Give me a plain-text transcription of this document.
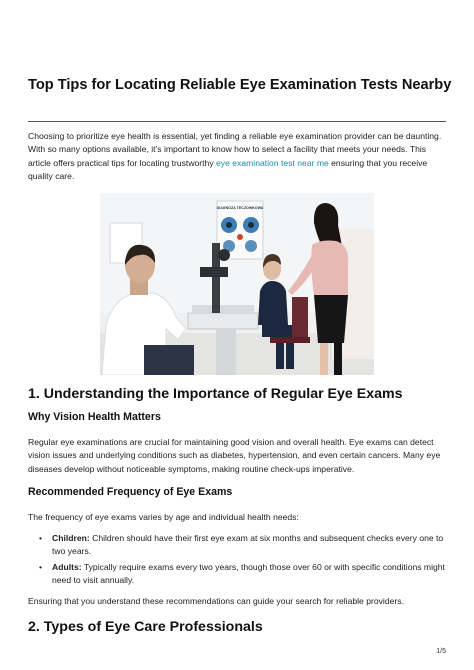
Top Tips for Locating Reliable Eye Examination Tests Nearby

Choosing to prioritize eye health is essential, yet finding a reliable eye examination provider can be daunting. With so many options available, it’s important to know how to select a facility that meets your needs. This article offers practical tips for locating trustworthy eye examination test near me ensuring that you receive quality care.

DIAGNOZA TECZOWKOWA
1. Understanding the Importance of Regular Eye Exams
Why Vision Health Matters

Regular eye examinations are crucial for maintaining good vision and overall health. Eye exams can detect vision issues and underlying conditions such as diabetes, hypertension, and even certain cancers. Many eye diseases develop without noticeable symptoms, making routine check-ups imperative.

Recommended Frequency of Eye Exams

The frequency of eye exams varies by age and individual health needs:

• Children: Children should have their first eye exam at six months and subsequent checks every one to two years.
• Adults: Typically require exams every two years, though those over 60 or with specific conditions might need to visit annually.

Ensuring that you understand these recommendations can guide your search for reliable providers.

2. Types of Eye Care Professionals
1/5
